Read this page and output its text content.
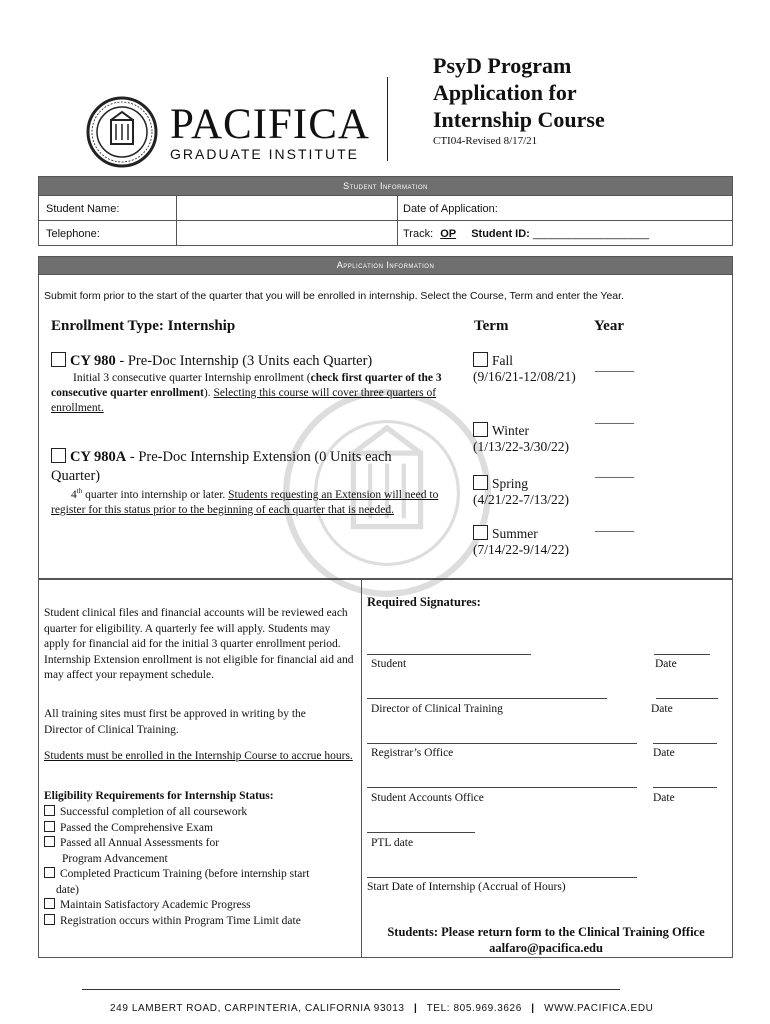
PACIFICA
GRADUATE INSTITUTE
PsyD Program
Application for
Internship Course
CTI04-Revised 8/17/21
Student Information
Student Name:	Date of Application:
Telephone:	Track: OP Student ID: ___________________
Application Information
Submit form prior to the start of the quarter that you will be enrolled in internship. Select the Course, Term and enter the Year.
Enrollment Type: Internship	Term	Year
CY 980 - Pre-Doc Internship (3 Units each Quarter)
Initial 3 consecutive quarter Internship enrollment (check first quarter of the 3 consecutive quarter enrollment). Selecting this course will cover three quarters of enrollment.
CY 980A - Pre-Doc Internship Extension (0 Units each Quarter)
4th quarter into internship or later. Students requesting an Extension will need to register for this status prior to the beginning of each quarter that is needed.
Fall
(9/16/21-12/08/21)
Winter
(1/13/22-3/30/22)
Spring
(4/21/22-7/13/22)
Summer
(7/14/22-9/14/22)
______
______
______
______
Student clinical files and financial accounts will be reviewed each quarter for eligibility. A quarterly fee will apply. Students may apply for financial aid for the initial 3 quarter enrollment period. Internship Extension enrollment is not eligible for financial aid and may affect your repayment schedule.
All training sites must first be approved in writing by the Director of Clinical Training.
Students must be enrolled in the Internship Course to accrue hours.
Eligibility Requirements for Internship Status:
Successful completion of all coursework
Passed the Comprehensive Exam
Passed all Annual Assessments for
Program Advancement
Completed Practicum Training (before internship start
date)
Maintain Satisfactory Academic Progress
Registration occurs within Program Time Limit date
Required Signatures:
Student	Date
Director of Clinical Training	Date
Registrar’s Office	Date
Student Accounts Office	Date
PTL date
Start Date of Internship (Accrual of Hours)
Students: Please return form to the Clinical Training Office
aalfaro@pacifica.edu
249 LAMBERT ROAD, CARPINTERIA, CALIFORNIA 93013 | TEL: 805.969.3626 | WWW.PACIFICA.EDU
